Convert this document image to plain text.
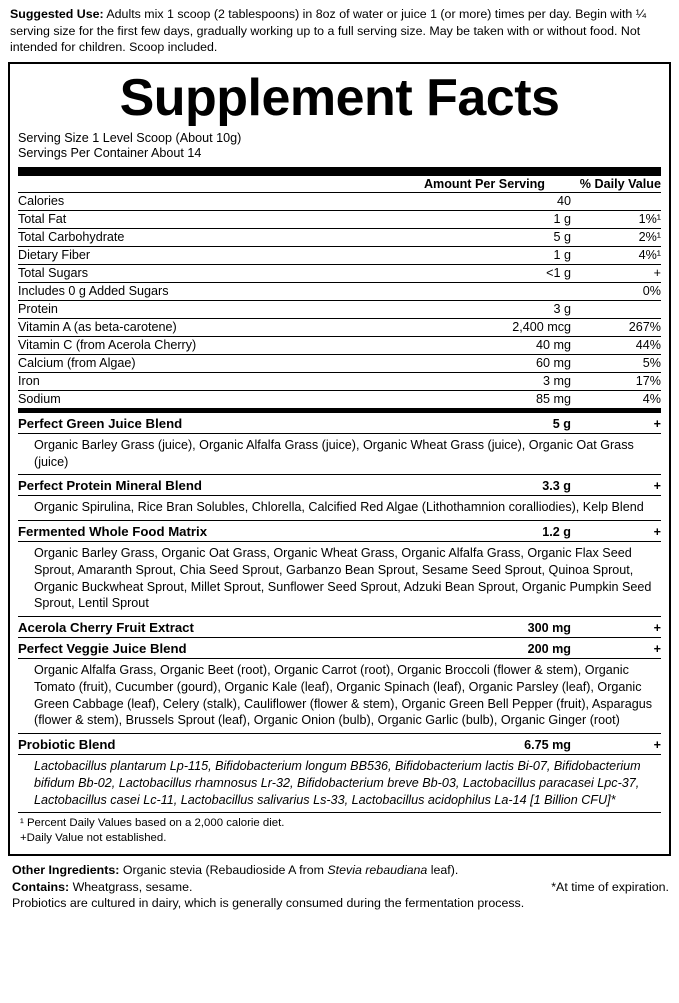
Suggested Use: Adults mix 1 scoop (2 tablespoons) in 8oz of water or juice 1 (or more) times per day. Begin with ¼ serving size for the first few days, gradually working up to a full serving size. May be taken with or without food. Not intended for children. Scoop included.

Supplement Facts
Serving Size 1 Level Scoop (About 10g)
Servings Per Container About 14
	Amount Per Serving	% Daily Value
Calories	40	
Total Fat	1 g	1%¹
Total Carbohydrate	5 g	2%¹
Dietary Fiber	1 g	4%¹
Total Sugars	<1 g	+
Includes 0 g Added Sugars		0%
Protein	3 g	
Vitamin A (as beta-carotene)	2,400 mcg	267%
Vitamin C (from Acerola Cherry)	40 mg	44%
Calcium (from Algae)	60 mg	5%
Iron	3 mg	17%
Sodium	85 mg	4%
Perfect Green Juice Blend	5 g	+
Organic Barley Grass (juice), Organic Alfalfa Grass (juice), Organic Wheat Grass (juice), Organic Oat Grass (juice)
Perfect Protein Mineral Blend	3.3 g	+
Organic Spirulina, Rice Bran Solubles, Chlorella, Calcified Red Algae (Lithothamnion coralliodies), Kelp Blend
Fermented Whole Food Matrix	1.2 g	+
Organic Barley Grass, Organic Oat Grass, Organic Wheat Grass, Organic Alfalfa Grass, Organic Flax Seed Sprout, Amaranth Sprout, Chia Seed Sprout, Garbanzo Bean Sprout, Sesame Seed Sprout, Quinoa Sprout, Organic Buckwheat Sprout, Millet Sprout, Sunflower Seed Sprout, Adzuki Bean Sprout, Organic Pumpkin Seed Sprout, Lentil Sprout
Acerola Cherry Fruit Extract	300 mg	+
Perfect Veggie Juice Blend	200 mg	+
Organic Alfalfa Grass, Organic Beet (root), Organic Carrot (root), Organic Broccoli (flower & stem), Organic Tomato (fruit), Cucumber (gourd), Organic Kale (leaf), Organic Spinach (leaf), Organic Parsley (leaf), Organic Green Cabbage (leaf), Celery (stalk), Cauliflower (flower & stem), Organic Green Bell Pepper (fruit), Asparagus (flower & stem), Brussels Sprout (leaf), Organic Onion (bulb), Organic Garlic (bulb), Organic Ginger (root)
Probiotic Blend	6.75 mg	+
Lactobacillus plantarum Lp-115, Bifidobacterium longum BB536, Bifidobacterium lactis Bi-07, Bifidobacterium bifidum Bb-02, Lactobacillus rhamnosus Lr-32, Bifidobacterium breve Bb-03, Lactobacillus paracasei Lpc-37, Lactobacillus casei Lc-11, Lactobacillus salivarius Ls-33, Lactobacillus acidophilus La-14 [1 Billion CFU]*
¹ Percent Daily Values based on a 2,000 calorie diet.
+Daily Value not established.
Other Ingredients: Organic stevia (Rebaudioside A from Stevia rebaudiana leaf).
Contains: Wheatgrass, sesame.	*At time of expiration.
Probiotics are cultured in dairy, which is generally consumed during the fermentation process.
